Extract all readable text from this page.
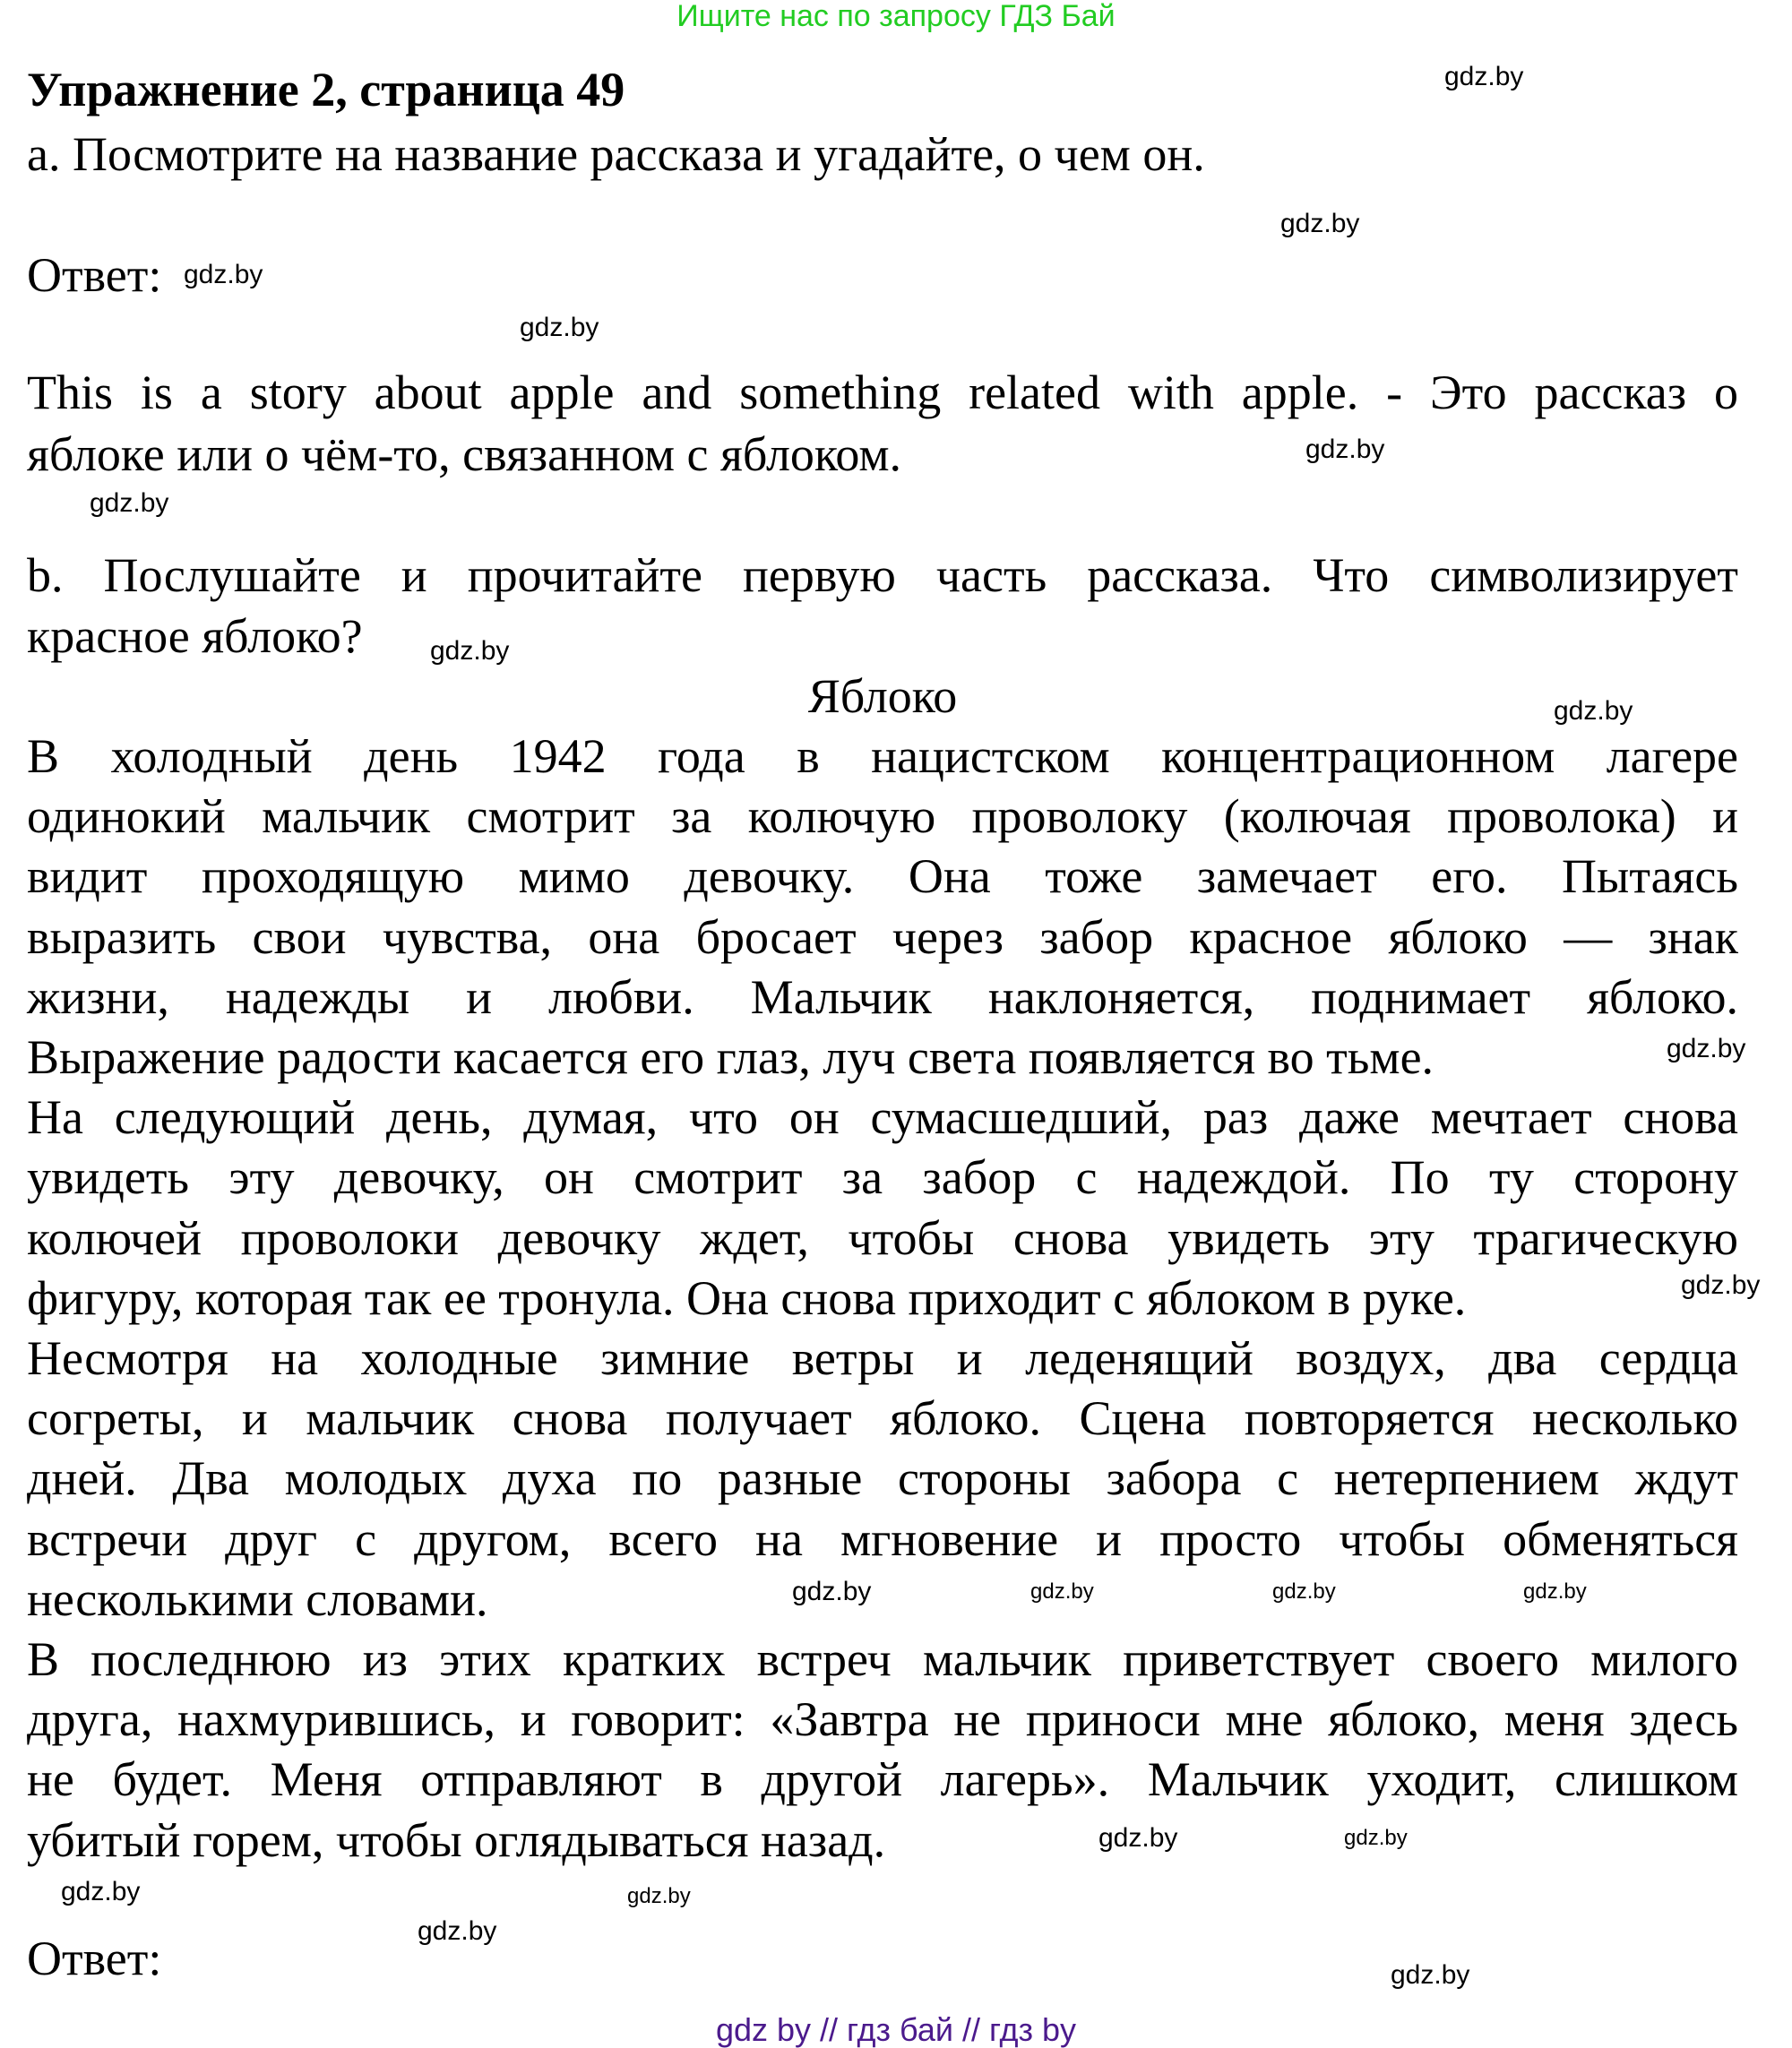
Ищите нас по запросу ГДЗ Бай
Упражнение 2, страница 49
a. Посмотрите на название рассказа и угадайте, о чем он.
Ответ:
This is a story about apple and something related with apple. - Это рассказ о
яблоке или о чём-то, связанном с яблоком.
b. Послушайте и прочитайте первую часть рассказа. Что символизирует
красное яблоко?
Яблоко
В холодный день 1942 года в нацистском концентрационном лагере
одинокий мальчик смотрит за колючую проволоку (колючая проволока) и
видит проходящую мимо девочку. Она тоже замечает его. Пытаясь
выразить свои чувства, она бросает через забор красное яблоко — знак
жизни, надежды и любви. Мальчик наклоняется, поднимает яблоко.
Выражение радости касается его глаз, луч света появляется во тьме.
На следующий день, думая, что он сумасшедший, раз даже мечтает снова
увидеть эту девочку, он смотрит за забор с надеждой. По ту сторону
колючей проволоки девочку ждет, чтобы снова увидеть эту трагическую
фигуру, которая так ее тронула. Она снова приходит с яблоком в руке.
Несмотря на холодные зимние ветры и леденящий воздух, два сердца
согреты, и мальчик снова получает яблоко. Сцена повторяется несколько
дней. Два молодых духа по разные стороны забора с нетерпением ждут
встречи друг с другом, всего на мгновение и просто чтобы обменяться
несколькими словами.
В последнюю из этих кратких встреч мальчик приветствует своего милого
друга, нахмурившись, и говорит: «Завтра не приноси мне яблоко, меня здесь
не будет. Меня отправляют в другой лагерь». Мальчик уходит, слишком
убитый горем, чтобы оглядываться назад.
Ответ:
gdz.by
gdz.by
gdz.by
gdz.by
gdz.by
gdz.by
gdz.by
gdz.by
gdz.by
gdz.by
gdz.by	gdz.by	gdz.by	gdz.by
gdz.by	gdz.by
gdz.by	gdz.by
gdz.by
gdz.by
gdz by // гдз бай // гдз by
